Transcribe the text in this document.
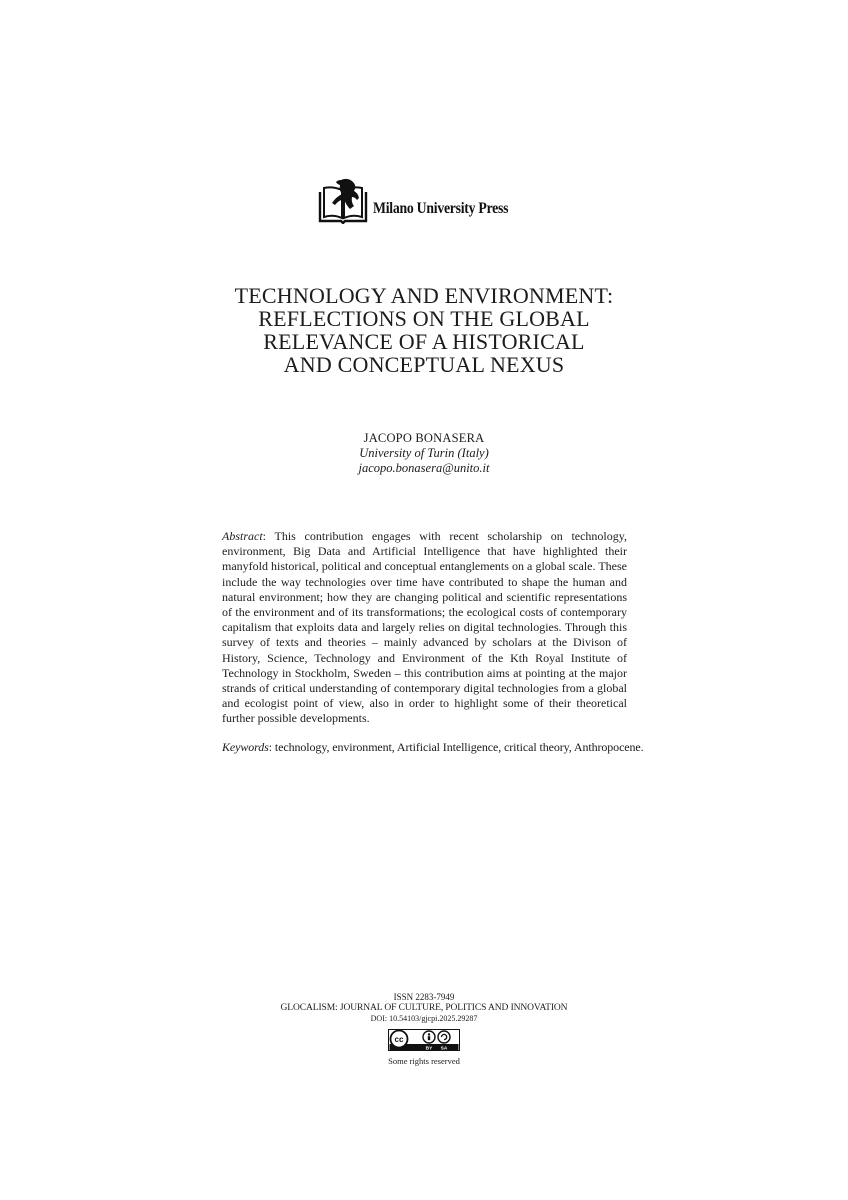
Milano University Press
TECHNOLOGY AND ENVIRONMENT:
REFLECTIONS ON THE GLOBAL
RELEVANCE OF A HISTORICAL
AND CONCEPTUAL NEXUS
JACOPO BONASERA
University of Turin (Italy)
jacopo.bonasera@unito.it
Abstract: This contribution engages with recent scholarship on technology, environment, Big Data and Artificial Intelligence that have highlighted their manyfold historical, political and conceptual entanglements on a global scale. These include the way technologies over time have contributed to shape the human and natural environment; how they are changing political and scientific representations of the environment and of its transformations; the ecological costs of contemporary capitalism that exploits data and largely relies on digital technologies. Through this survey of texts and theories – mainly advanced by scholars at the Divison of History, Science, Technology and Environment of the Kth Royal Institute of Technology in Stockholm, Sweden – this contribution aims at pointing at the major strands of critical understanding of contemporary digital technologies from a global and ecologist point of view, also in order to highlight some of their theoretical further possible developments.
Keywords: technology, environment, Artificial Intelligence, critical theory, Anthropocene.
ISSN 2283-7949
GLOCALISM: JOURNAL OF CULTURE, POLITICS AND INNOVATION
DOI: 10.54103/gjcpi.2025.29287
cc
BY SA
Some rights reserved
